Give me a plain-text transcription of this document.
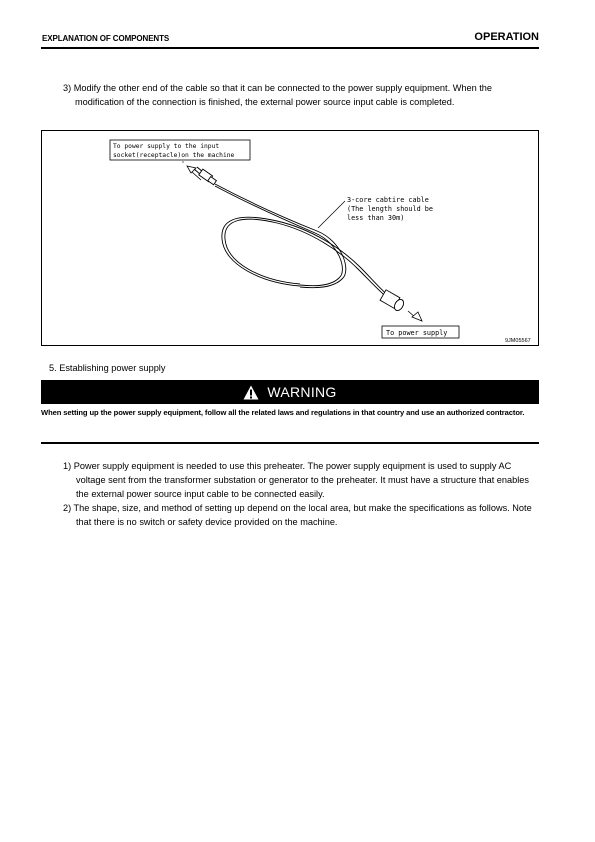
EXPLANATION OF COMPONENTS	OPERATION
3) Modify the other end of the cable so that it can be connected to the power supply equipment. When the modification of the connection is finished, the external power source input cable is completed.
To power supply to the input
socket(receptacle)on the machine
3-core cabtire cable
(The length should be
less than 30m)
To power supply
9JM05567
5. Establishing power supply
WARNING
When setting up the power supply equipment, follow all the related laws and regulations in that country and use an authorized contractor.

1) Power supply equipment is needed to use this preheater. The power supply equipment is used to supply AC voltage sent from the transformer substation or generator to the preheater. It must have a structure that enables the external power source input cable to be connected easily.

2) The shape, size, and method of setting up depend on the local area, but make the specifications as follows. Note that there is no switch or safety device provided on the machine.
